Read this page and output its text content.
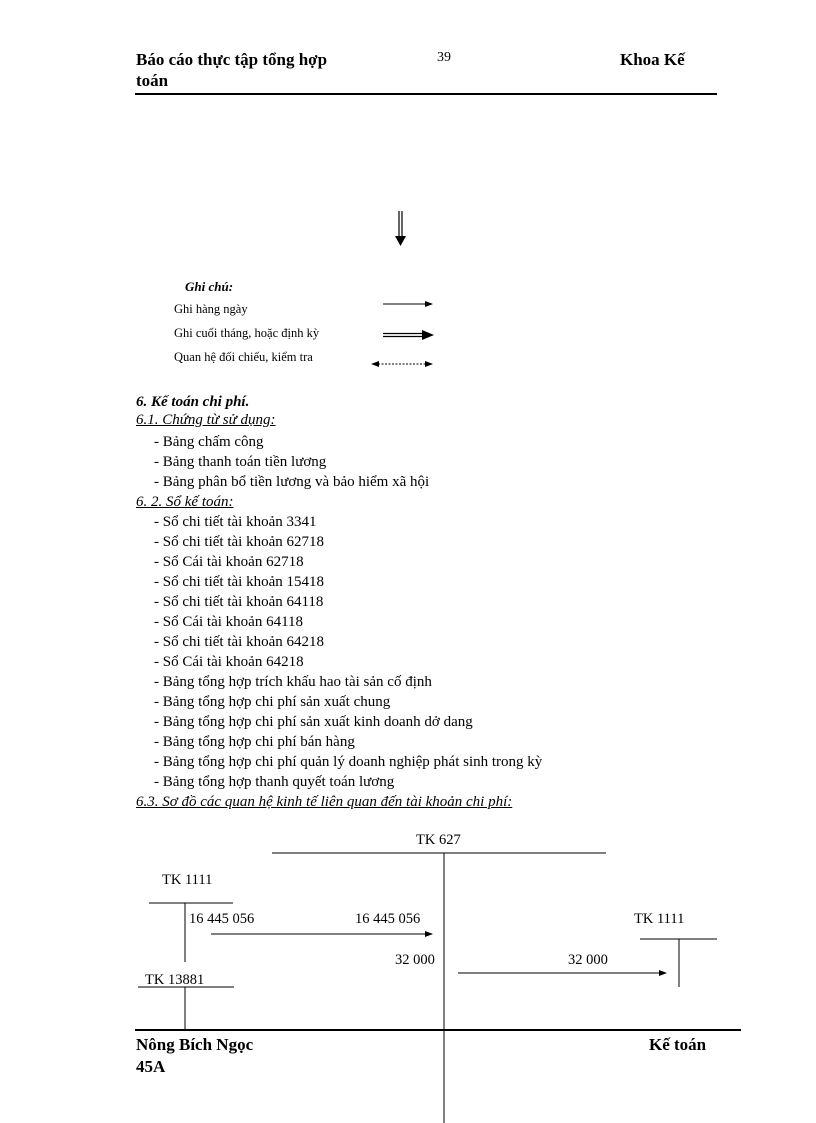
Báo cáo thực tập tổng hợp
toán
39	Khoa Kế
Ghi chú:
Ghi hàng ngày
Ghi cuối tháng, hoặc định kỳ
Quan hệ đối chiếu, kiểm tra
6. Kế toán chi phí.
6.1. Chứng từ sử dụng:
- Bảng chấm công
- Bảng thanh toán tiền lương
- Bảng phân bổ tiền lương và bảo hiểm xã hội
6. 2. Sổ kế toán:
- Sổ chi tiết tài khoản 3341
- Sổ chi tiết tài khoản 62718
- Sổ Cái tài khoản 62718
- Sổ chi tiết tài khoản 15418
- Sổ chi tiết tài khoản 64118
- Sổ Cái tài khoản 64118
- Sổ chi tiết tài khoản 64218
- Sổ Cái tài khoản 64218
- Bảng tổng hợp trích khấu hao tài sản cố định
- Bảng tổng hợp chi phí sản xuất chung
- Bảng tổng hợp chi phí sản xuất kinh doanh dở dang
- Bảng tổng hợp chi phí bán hàng
- Bảng tổng hợp chi phí quản lý doanh nghiệp phát sinh trong kỳ
- Bảng tổng hợp thanh quyết toán lương
6.3. Sơ đồ các quan hệ kinh tế liên quan đến tài khoản chi phí:
TK 627
TK 1111
16 445 056	16 445 056	TK 1111
32 000	32 000
TK 13881
Nông Bích Ngọc
45A
Kế toán
